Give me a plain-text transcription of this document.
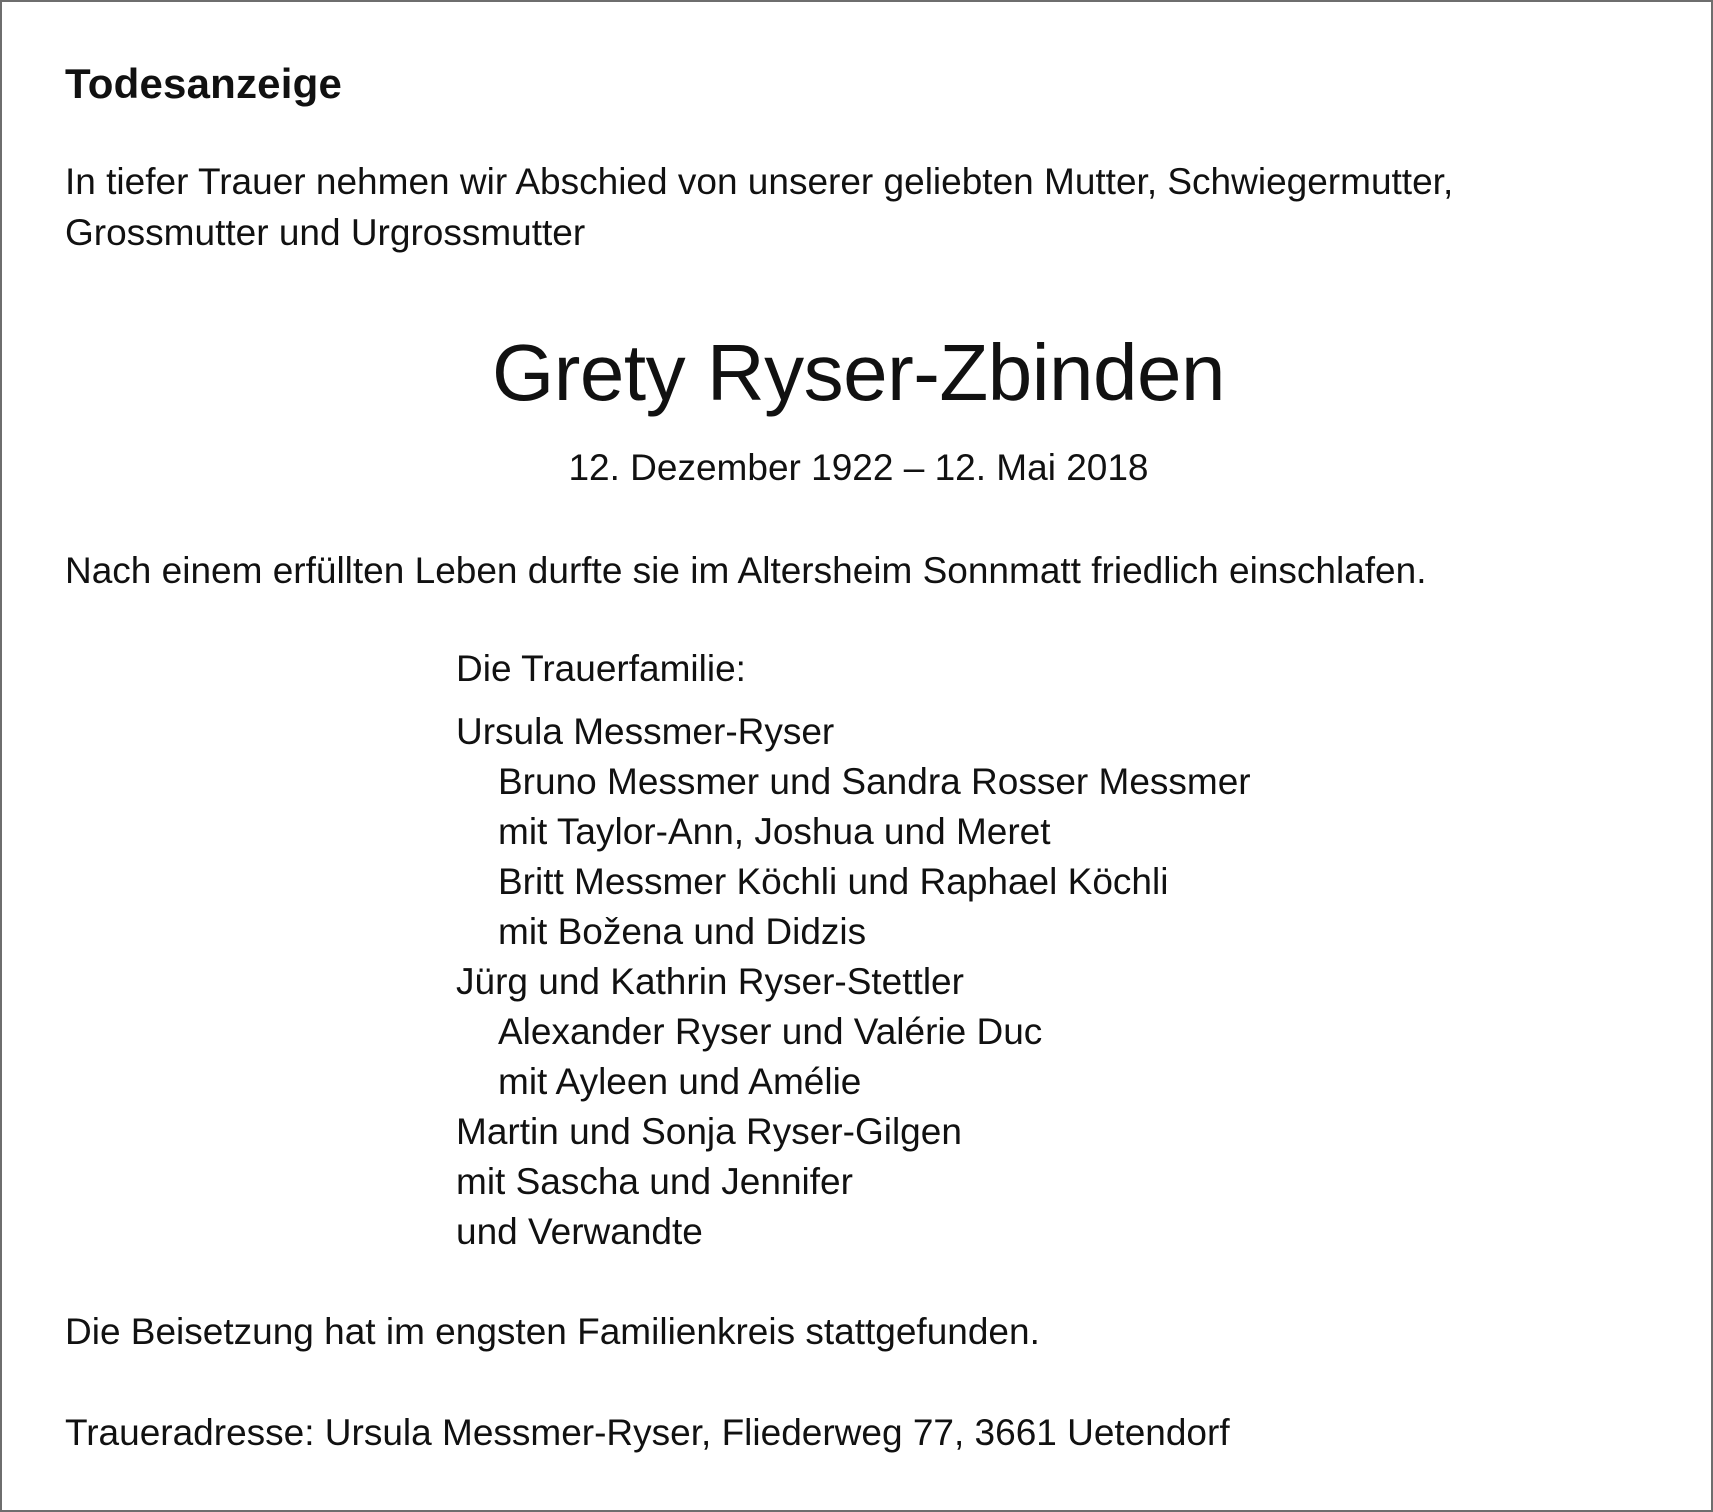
Todesanzeige
In tiefer Trauer nehmen wir Abschied von unserer geliebten Mutter, Schwiegermutter,
Grossmutter und Urgrossmutter
Grety Ryser-Zbinden
12. Dezember 1922 – 12. Mai 2018
Nach einem erfüllten Leben durfte sie im Altersheim Sonnmatt friedlich einschlafen.
Die Trauerfamilie:
Ursula Messmer-Ryser
Bruno Messmer und Sandra Rosser Messmer
mit Taylor-Ann, Joshua und Meret
Britt Messmer Köchli und Raphael Köchli
mit Božena und Didzis
Jürg und Kathrin Ryser-Stettler
Alexander Ryser und Valérie Duc
mit Ayleen und Amélie
Martin und Sonja Ryser-Gilgen
mit Sascha und Jennifer
und Verwandte
Die Beisetzung hat im engsten Familienkreis stattgefunden.
Traueradresse: Ursula Messmer-Ryser, Fliederweg 77, 3661 Uetendorf
